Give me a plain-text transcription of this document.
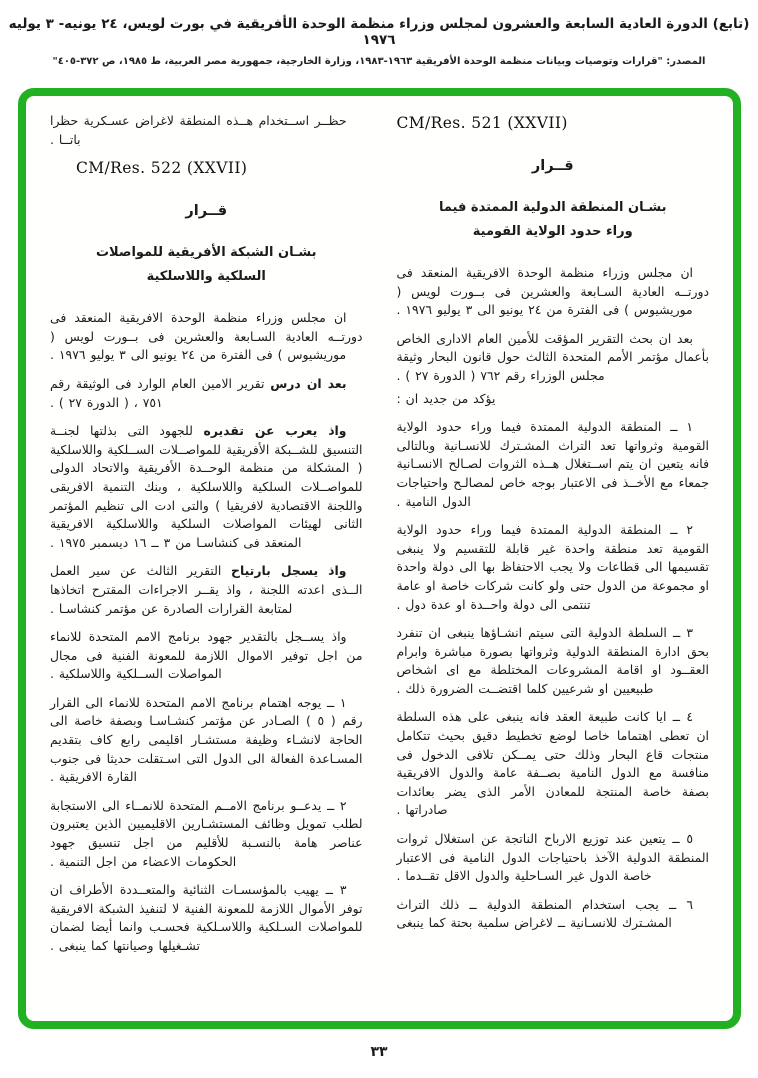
(تابع) الدورة العادية السابعة والعشرون لمجلس وزراء منظمة الوحدة الأفريقية في بورت لويس، ٢٤ يونيه- ٣ يوليه ١٩٧٦
المصدر: "قرارات وتوصيات وبيانات منظمة الوحدة الأفريقية ١٩٦٣-١٩٨٣، وزارة الخارجية، جمهورية مصر العربية، ط ١٩٨٥، ص ٣٧٢-٤٠٥"
CM/Res. 521 (XXVII)
قــرار

بشـان المنطقة الدولية الممتدة فيما

وراء حدود الولاية القومية

ان مجلس وزراء منظمة الوحدة الافريقية المنعقد فى دورتــه العادية السـابعة والعشرين فى بــورت لويس ( موريشيوس ) فى الفترة من ٢٤ يونيو الى ٣ يوليو ١٩٧٦ .

بعد ان بحث التقرير المؤقت للأمين العام الادارى الخاص بأعمال مؤتمر الأمم المتحدة الثالث حول قانون البحار وثيقة مجلس الوزراء رقم ٧٦٢ ( الدورة ٢٧ ) .

يؤكد من جديد ان :

١ ــ المنطقة الدولية الممتدة فيما وراء حدود الولاية القومية وثرواتها تعد التراث المشـترك للانسـانية وبالتالى فانه يتعين ان يتم اســتغلال هــذه الثروات لصـالح الانسـانية جمعاء مع الأخــذ فى الاعتبار بوجه خاص لمصالـح واحتياجات الدول النامية .

٢ ــ المنطقة الدولية الممتدة فيما وراء حدود الولاية القومية تعد منطقة واحدة غير قابلة للتقسيم ولا ينبغى تقسيمها الى قطاعات ولا يجب الاحتفاظ بها الى دولة واحدة او مجموعة من الدول حتى ولو كانت شركات خاصة او عامة تنتمى الى دولة واحــدة او عدة دول .

٣ ــ السلطة الدولية التى سيتم انشـاؤها ينبغى ان تنفرد بحق ادارة المنطقة الدولية وثرواتها بصورة مباشرة وابرام العقــود او اقامة المشروعات المختلطة مع اى اشخاص طبيعيين او شرعيين كلما اقتضــت الضرورة ذلك .

٤ ــ ايا كانت طبيعة العقد فانه ينبغى على هذه السلطة ان تعطى اهتماما خاصا لوضع تخطيط دقيق بحيث تتكامل منتجات قاع البحار وذلك حتى يمــكن تلافى الدخول فى منافسة مع الدول النامية بصــفة عامة والدول الافريقية بصفة خاصة المنتجة للمعادن الأمر الذى يضر بعائدات صادراتها .

٥ ــ يتعين عند توزيع الارباح الناتجة عن استغلال ثروات المنطقة الدولية الآخذ باحتياجات الدول النامية فى الاعتبار خاصة الدول غير السـاحلية والدول الاقل تقــدما .

٦ ــ يجب استخدام المنطقة الدولية ــ ذلك التراث المشـترك للانسـانية ــ لاغراض سلمية بحتة كما ينبغى

حظــر اســتخدام هــذه المنطقة لاغراض عسـكرية حظرا باتــا .

CM/Res. 522 (XXVII)
قــرار

بشـان الشبكة الأفريقية للمواصلات

السلكية واللاسلكية

ان مجلس وزراء منظمة الوحدة الافريقية المنعقد فى دورتــه العادية السـابعة والعشرين فى بــورت لويس ( موريشيوس ) فى الفترة من ٢٤ يونيو الى ٣ يوليو ١٩٧٦ .

بعد ان درس تقرير الامين العام الوارد فى الوثيقة رقم ٧٥١ ، ( الدورة ٢٧ ) .

واذ يعرب عن تقديره للجهود التى بذلتها لجنــة التنسيق للشــبكة الأفريقية للمواصــلات الســلكية واللاسلكية ( المشكلة من منظمة الوحــدة الأفريقية والاتحاد الدولى للمواصــلات السلكية واللاسلكية ، وبنك التنمية الافريقى واللجنة الاقتصادية لافريقيا ) والتى ادت الى تنظيم المؤتمر الثانى لهيئات المواصلات السلكية واللاسلكية الافريقية المنعقد فى كنشاسـا من ٣ ــ ١٦ ديسمبر ١٩٧٥ .

واذ يسجل بارتياح التقرير الثالث عن سير العمل الــذى اعدته اللجنة ، واذ يقــر الاجراءات المقترح اتخاذها لمتابعة القرارات الصادرة عن مؤتمر كنشاسـا .

واذ يســجل بالتقدير جهود برنامج الامم المتحدة للانماء من اجل توفير الاموال اللازمة للمعونة الفنية فى مجال المواصلات الســلكية واللاسلكية .

١ ــ يوجه اهتمام برنامج الامم المتحدة للانماء الى القرار رقم ( ٥ ) الصـادر عن مؤتمر كنشـاسـا وبصفة خاصة الى الحاجة لانشـاء وظيفة مستشـار اقليمى رابع كاف بتقديم المسـاعدة الفعالة الى الدول التى اسـتقلت حديثا فى جنوب القارة الافريقية .

٢ ــ يدعــو برنامج الامــم المتحدة للانمــاء الى الاستجابة لطلب تمويل وظائف المستشـارين الاقليميين الذين يعتبرون عناصر هامة بالنسـبة للأقليم من اجل تنسيق جهود الحكومات الاعضاء من اجل التنمية .

٣ ــ يهيب بالمؤسسـات الثنائية والمتعــددة الأطراف ان توفر الأموال اللازمة للمعونة الفنية لا لتنفيذ الشبكة الافريقية للمواصلات السـلكية واللاسـلكية فحسـب وانما أيضا لضمان تشـغيلها وصيانتها كما ينبغى .

٣٣
